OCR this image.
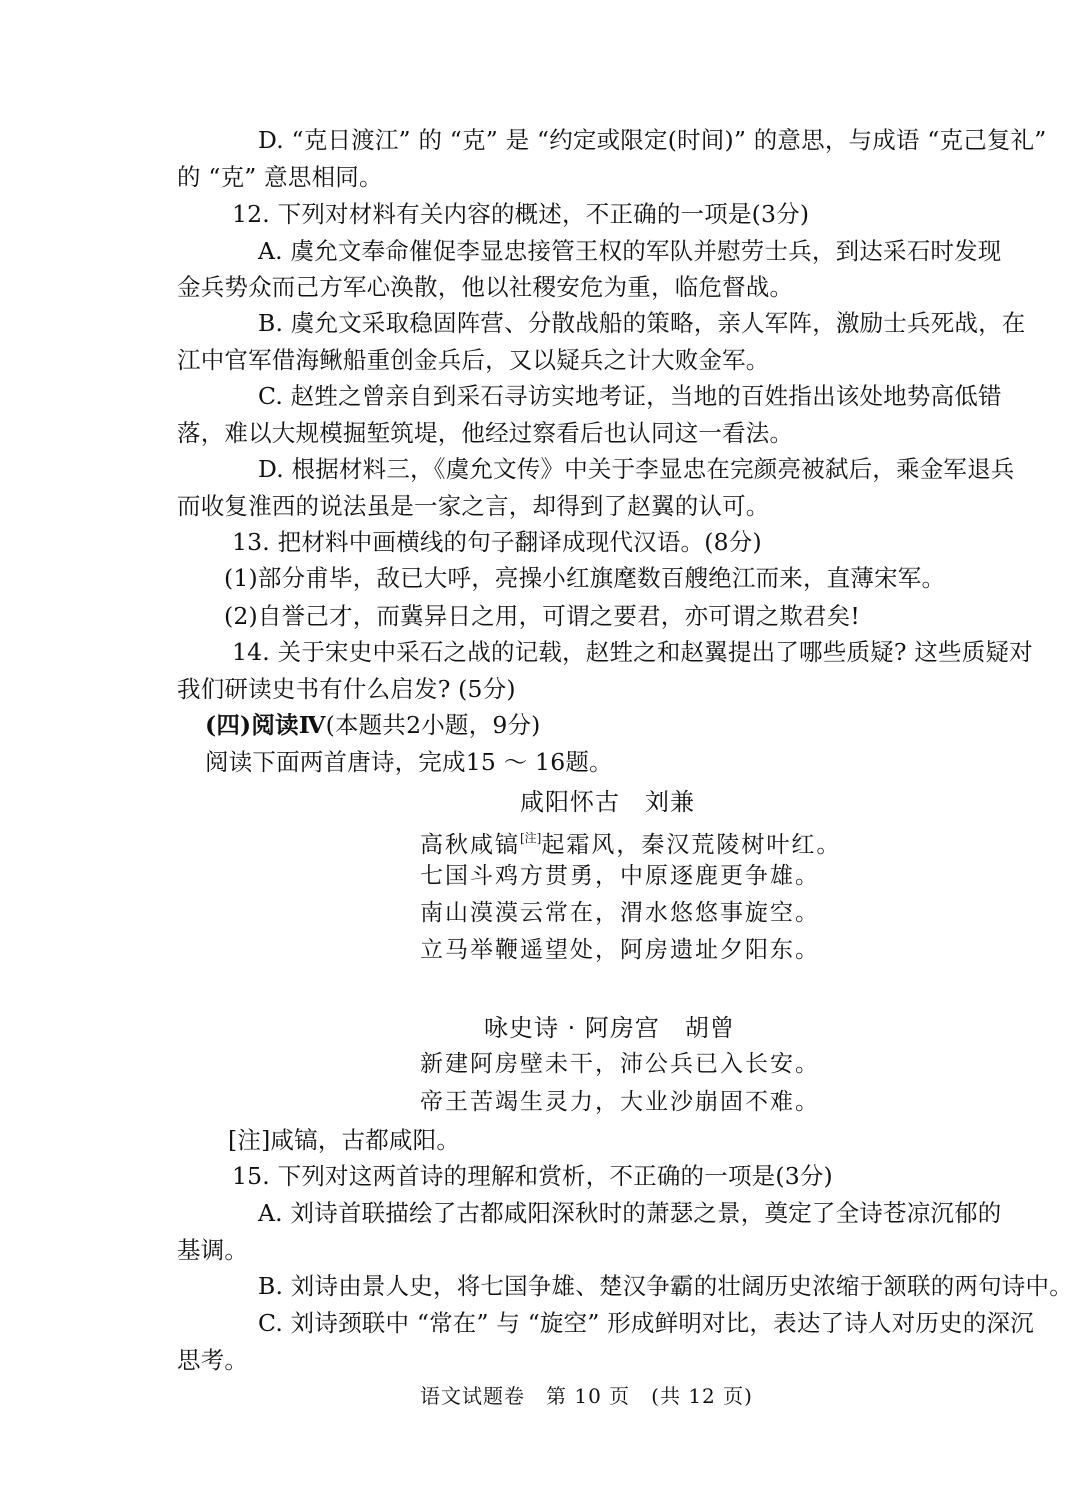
D. “克日渡江” 的 “克” 是 “约定或限定(时间)” 的意思，与成语 “克己复礼”
的 “克” 意思相同。
12. 下列对材料有关内容的概述，不正确的一项是(3分)
A. 虞允文奉命催促李显忠接管王权的军队并慰劳士兵，到达采石时发现
金兵势众而己方军心涣散，他以社稷安危为重，临危督战。
B. 虞允文采取稳固阵营、分散战船的策略，亲人军阵，激励士兵死战，在
江中官军借海鳅船重创金兵后，又以疑兵之计大败金军。
C. 赵甡之曾亲自到采石寻访实地考证，当地的百姓指出该处地势高低错
落，难以大规模掘堑筑堤，他经过察看后也认同这一看法。
D. 根据材料三，《虞允文传》中关于李显忠在完颜亮被弑后，乘金军退兵
而收复淮西的说法虽是一家之言，却得到了赵翼的认可。
13. 把材料中画横线的句子翻译成现代汉语。(8分)
(1)部分甫毕，敌已大呼，亮操小红旗麾数百艘绝江而来，直薄宋军。
(2)自誉己才，而冀异日之用，可谓之要君，亦可谓之欺君矣!
14. 关于宋史中采石之战的记载，赵甡之和赵翼提出了哪些质疑? 这些质疑对
我们研读史书有什么启发? (5分)
(四)阅读Ⅳ(本题共2小题，9分)
阅读下面两首唐诗，完成15 ～ 16题。
咸阳怀古　刘兼
高秋咸镐[注]起霜风，秦汉荒陵树叶红。
七国斗鸡方贯勇，中原逐鹿更争雄。
南山漠漠云常在，渭水悠悠事旋空。
立马举鞭遥望处，阿房遗址夕阳东。
咏史诗 · 阿房宫　胡曾
新建阿房壁未干，沛公兵已入长安。
帝王苦竭生灵力，大业沙崩固不难。
[注]咸镐，古都咸阳。
15. 下列对这两首诗的理解和赏析，不正确的一项是(3分)
A. 刘诗首联描绘了古都咸阳深秋时的萧瑟之景，奠定了全诗苍凉沉郁的
基调。
B. 刘诗由景人史，将七国争雄、楚汉争霸的壮阔历史浓缩于颔联的两句诗中。
C. 刘诗颈联中 “常在” 与 “旋空” 形成鲜明对比，表达了诗人对历史的深沉
思考。
语文试题卷　第 10 页　(共 12 页)
